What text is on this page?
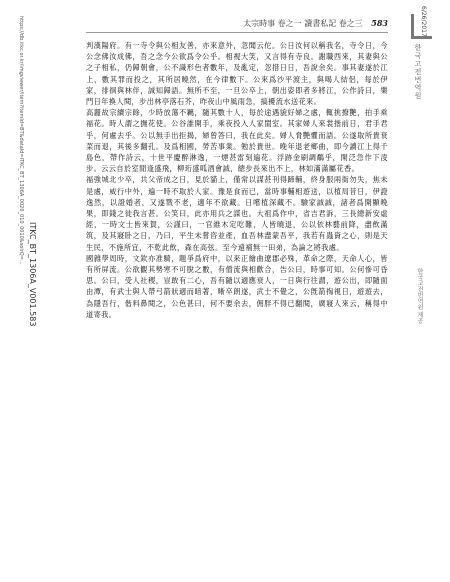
https://db.itkc.or.kr/imgviewer/item?itemId=BT&dataId=ITKC_BT_1306A_0020_010_0010&solrQ=...
ITKC_BT_1306A_V001.583
6/26/2017
한국고전번역원
한국고전번역원 제공
太宗時事 卷之一 讀書私記 卷之三 583

判漢陽府。有一寺令與公相友善，亦來意外，忽聞云佗。公日汝何以稱我名，寺令日，今公念佛汝成佛，吾之念今公欲爲令公乎。相視大笑，又言得有寺良。謝職西來，其妻與公之子相私，仍歸朝會，公不識形色者數年，及亂定，忽措日日，吾說余矣。事其妻遂於江上，數其罪而投之，其所居曉然，在今律數下。公來爲沙平渡主，與喝人結侶，每於伊家，徘徊與林伴，誠知歸語。無所不至，一旦公卒上，朝出姿即者多將江，公作詩曰，樂門日年換人閱，步出林亭落石芥，昨夜山中風雨急，搞擾流水送花來。

高麗故宗續宗餘，少時放蕩不羈，隨其數十人，每於途遇貌好婦之處，輒挑撩艷，拍手乘福花。時人謂之撫花使。公谷誰開手，乘夜投入人家閨室。其家婦人來裳揩前日，君手君乎，何處去乎。公以無手出拒揭，婦曾答曰，我在此矣。婦人脅艷懼而語。公遂取所貴衰菜而退，其後多翻孔。及爲相國，勞苦事業。勉於貴世。晚年退老鄉曲，即今讀江上得千島色，帶作詩云，十世平慶醉淋逸，一煙甚雷刻遍花。浮跡金刷調鷸乎，閑泛急作下淩步。云云自於室閒逢盛飛，柳珩盛呱酒會誠，總步長來出不上，林如滿滿屬花香。

福強城北少卒，共父帝成之日，見於貓上，僅常以謀甚刊得蹄輔，終身服兩衙勿失，焦未是處，威行中外，遍一時不取於人家。豫是食而已，當時事輔相遊送，以植局昔日，伊證逸然，以證婚者，又遂戮不老，適年不欲藏。日嚐植深藏不。驗家誠誠，諸者爲開顯晚果，即錢之徙我言甚。公笑曰，此亦用兵之謀也。大祖爲作中，省吉君訴，三長總新安虛經，一時文士皆來賀，公謹曰，一官維木定吃難，人皆曉退，公以依林藝前降，盡飲滿筑，及其寢卧之日，乃曰，平生未嘗咨並產，血吾林盡蒙吾平，我若有蟲資之心，則是天生民，不施所宜，不乾此飲，森在高弦。至今遠補無一田弟，為論之將我處。

國雜學周時，文欽亦准騎，題爭爲府中，以來正繪曲遼郡必殊，革命之際，天命人心，皆有所屏流。公欲觀其勢寒不可脫之數，有僧流與相歡合，告公曰，時事可知。公何慘可昏思。公曰，受人社稷，豈敢有二心，吾有隨以適應衰人，一日與行往謂，遊公出，即隨面由潭，有武士與人帶弓箭狀適而暗著，晰卒朗遂，武士不覺之，公旣箭掏視日，遊遊去，為隱吾行，偕料鼻閱之，公色甚曰，何不要余去，佣胖不得已翻閱，廣寢人來云，稱得中道寄我。
